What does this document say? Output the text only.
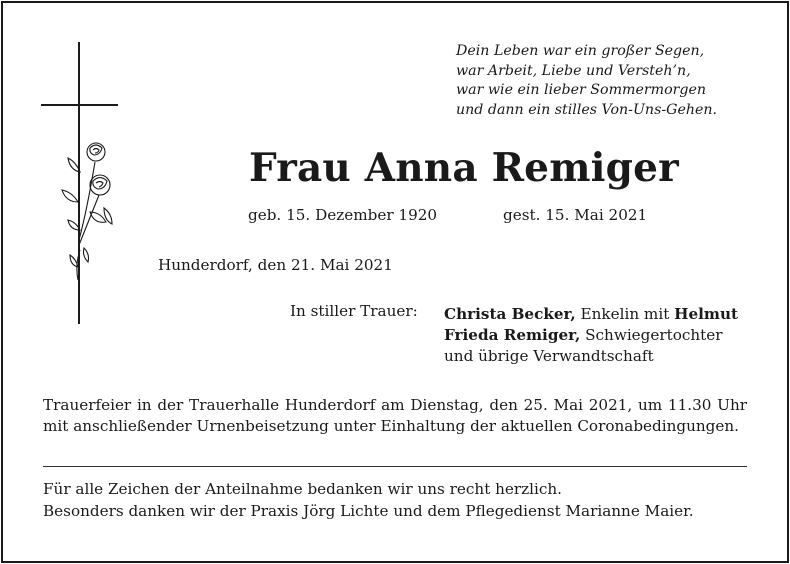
Dein Leben war ein großer Segen,
war Arbeit, Liebe und Versteh’n,
war wie ein lieber Sommermorgen
und dann ein stilles Von-Uns-Gehen.
Frau Anna Remiger
geb. 15. Dezember 1920	gest. 15. Mai 2021
Hunderdorf, den 21. Mai 2021
In stiller Trauer: Christa Becker, Enkelin mit Helmut
Frieda Remiger, Schwiegertochter
und übrige Verwandtschaft
Trauerfeier in der Trauerhalle Hunderdorf am Dienstag, den 25. Mai 2021, um 11.30 Uhr mit anschließender Urnenbeisetzung unter Einhaltung der aktuellen Coronabedingungen.
Für alle Zeichen der Anteilnahme bedanken wir uns recht herzlich.
Besonders danken wir der Praxis Jörg Lichte und dem Pflegedienst Marianne Maier.
